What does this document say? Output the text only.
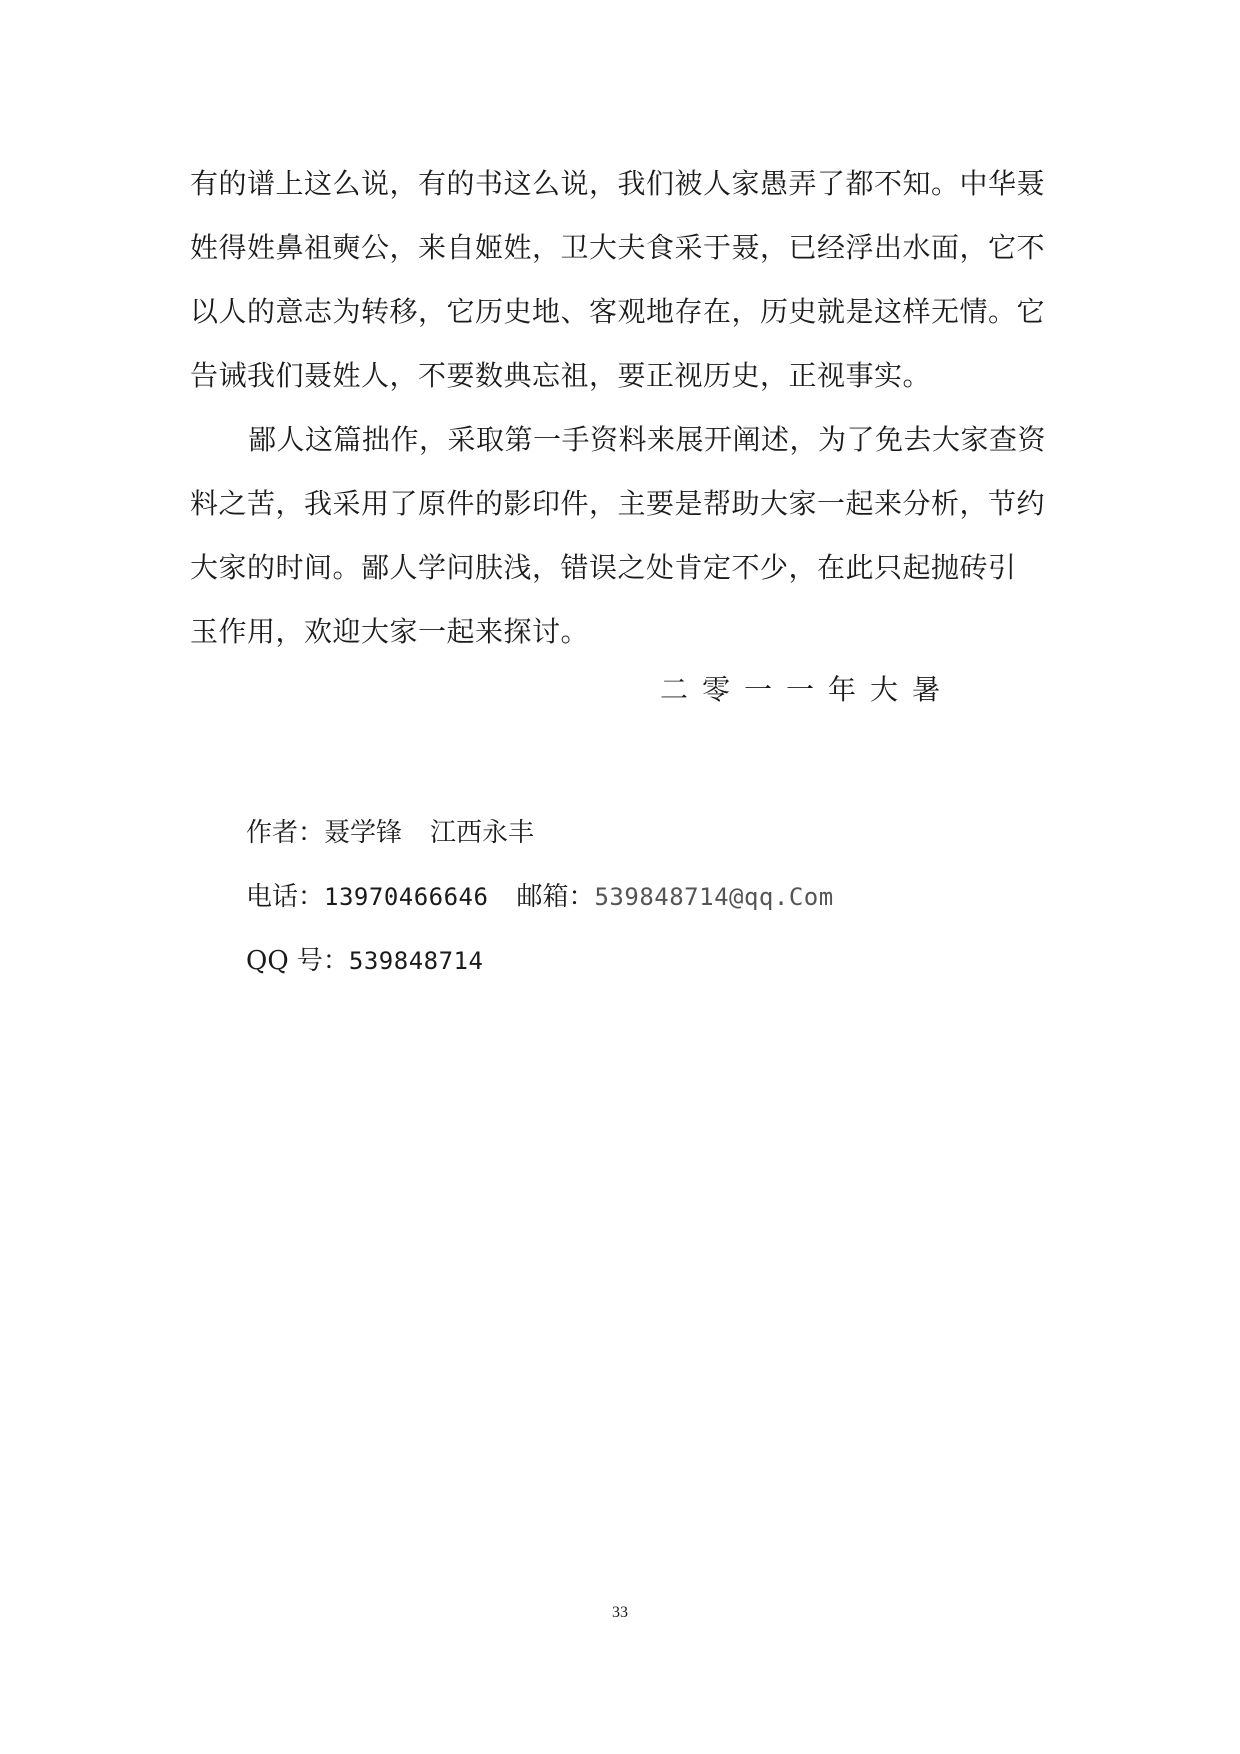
有的谱上这么说，有的书这么说，我们被人家愚弄了都不知。中华聂
姓得姓鼻祖奭公，来自姬姓，卫大夫食采于聂，已经浮出水面，它不
以人的意志为转移，它历史地、客观地存在，历史就是这样无情。它
告诫我们聂姓人，不要数典忘祖，要正视历史，正视事实。
鄙人这篇拙作，采取第一手资料来展开阐述，为了免去大家查资
料之苦，我采用了原件的影印件，主要是帮助大家一起来分析，节约
大家的时间。鄙人学问肤浅，错误之处肯定不少，在此只起抛砖引
玉作用，欢迎大家一起来探讨。
二零一一年大暑
作者：聂学锋 江西永丰
电话：13970466646 邮箱：539848714@qq.Com
QQ 号：539848714
33
